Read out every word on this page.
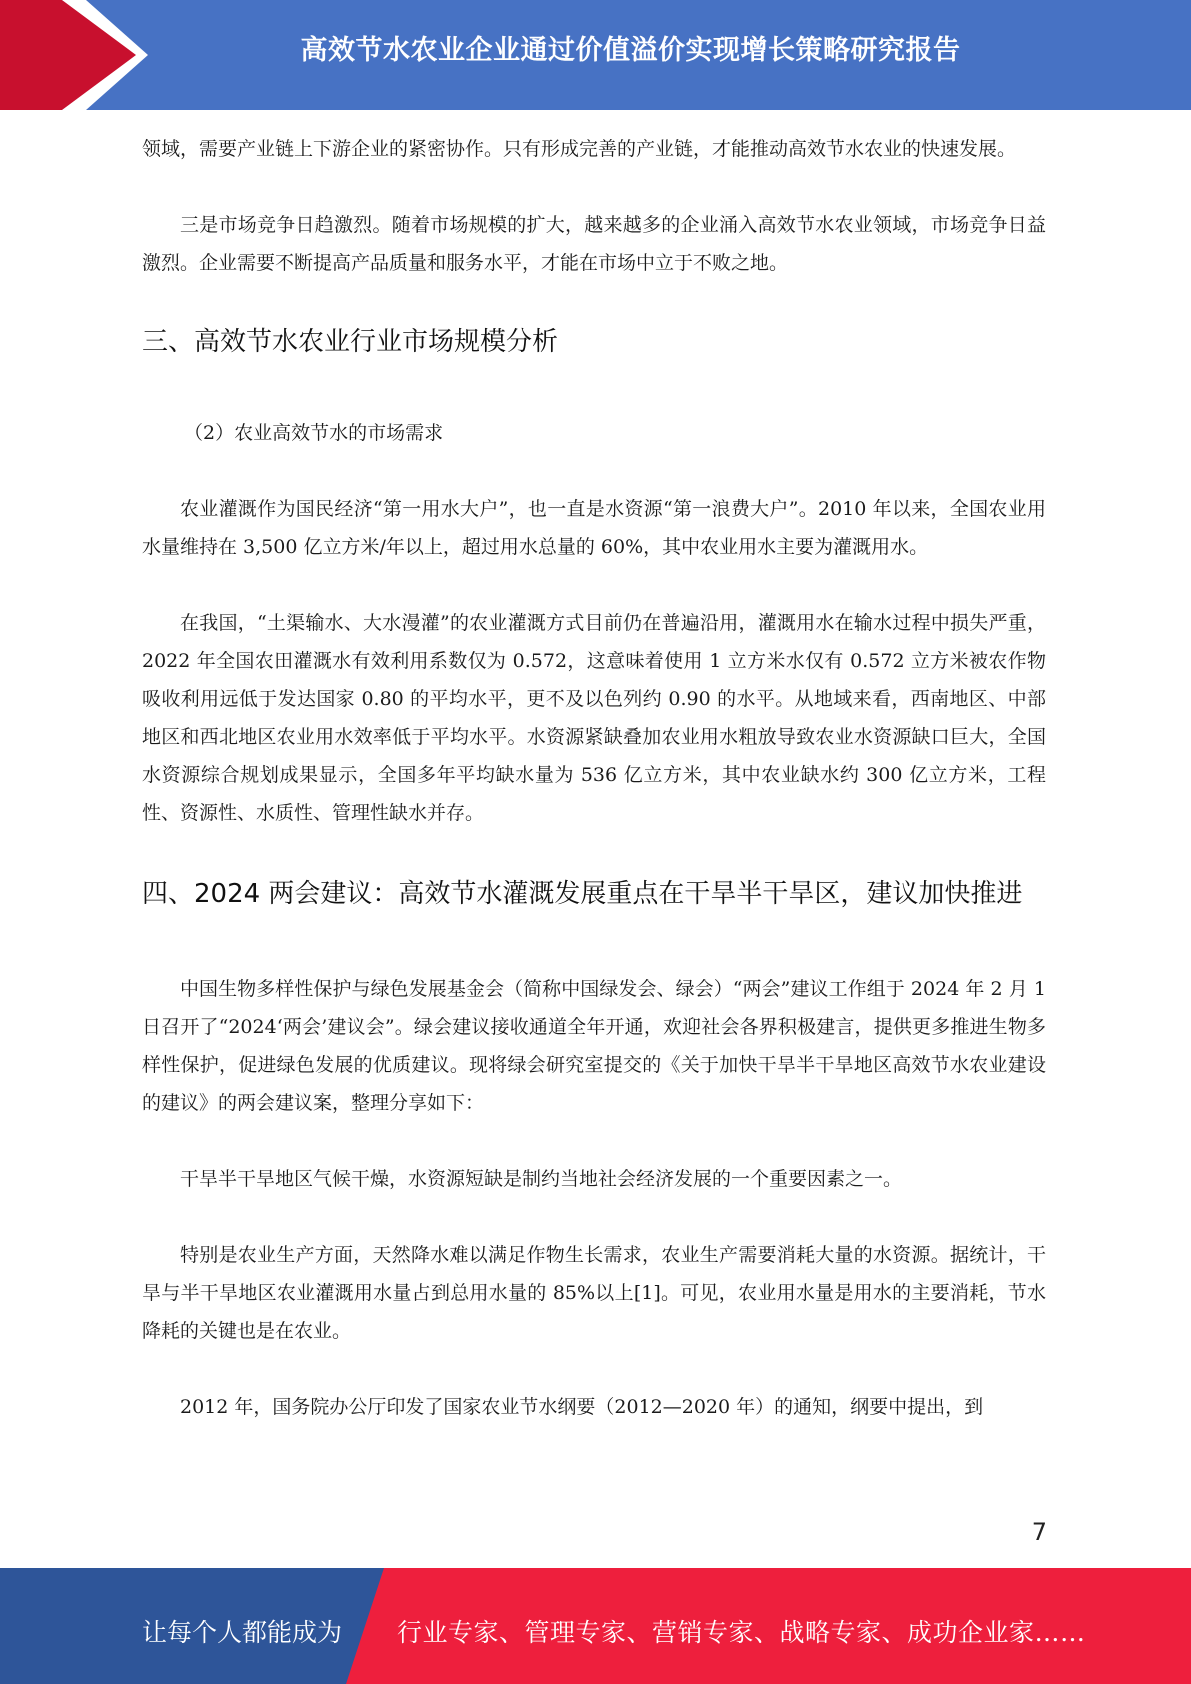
高效节水农业企业通过价值溢价实现增长策略研究报告

领域，需要产业链上下游企业的紧密协作。只有形成完善的产业链，才能推动高效节水农业的快速发展。

三是市场竞争日趋激烈。随着市场规模的扩大，越来越多的企业涌入高效节水农业领域，市场竞争日益激烈。企业需要不断提高产品质量和服务水平，才能在市场中立于不败之地。

三、高效节水农业行业市场规模分析

（2）农业高效节水的市场需求

农业灌溉作为国民经济“第一用水大户”，也一直是水资源“第一浪费大户”。2010 年以来，全国农业用水量维持在 3,500 亿立方米/年以上，超过用水总量的 60%，其中农业用水主要为灌溉用水。

在我国，“土渠输水、大水漫灌”的农业灌溉方式目前仍在普遍沿用，灌溉用水在输水过程中损失严重，2022 年全国农田灌溉水有效利用系数仅为 0.572，这意味着使用 1 立方米水仅有 0.572 立方米被农作物吸收利用远低于发达国家 0.80 的平均水平，更不及以色列约 0.90 的水平。从地域来看，西南地区、中部地区和西北地区农业用水效率低于平均水平。水资源紧缺叠加农业用水粗放导致农业水资源缺口巨大，全国水资源综合规划成果显示，全国多年平均缺水量为 536 亿立方米，其中农业缺水约 300 亿立方米，工程性、资源性、水质性、管理性缺水并存。

四、2024 两会建议：高效节水灌溉发展重点在干旱半干旱区，建议加快推进

中国生物多样性保护与绿色发展基金会（简称中国绿发会、绿会）“两会”建议工作组于 2024 年 2 月 1 日召开了“2024‘两会’建议会”。绿会建议接收通道全年开通，欢迎社会各界积极建言，提供更多推进生物多样性保护，促进绿色发展的优质建议。现将绿会研究室提交的《关于加快干旱半干旱地区高效节水农业建设的建议》的两会建议案，整理分享如下：

干旱半干旱地区气候干燥，水资源短缺是制约当地社会经济发展的一个重要因素之一。

特别是农业生产方面，天然降水难以满足作物生长需求，农业生产需要消耗大量的水资源。据统计，干旱与半干旱地区农业灌溉用水量占到总用水量的 85%以上[1]。可见，农业用水量是用水的主要消耗，节水降耗的关键也是在农业。

2012 年，国务院办公厅印发了国家农业节水纲要（2012—2020 年）的通知，纲要中提出，到

7
让每个人都能成为 行业专家、管理专家、营销专家、战略专家、成功企业家……
